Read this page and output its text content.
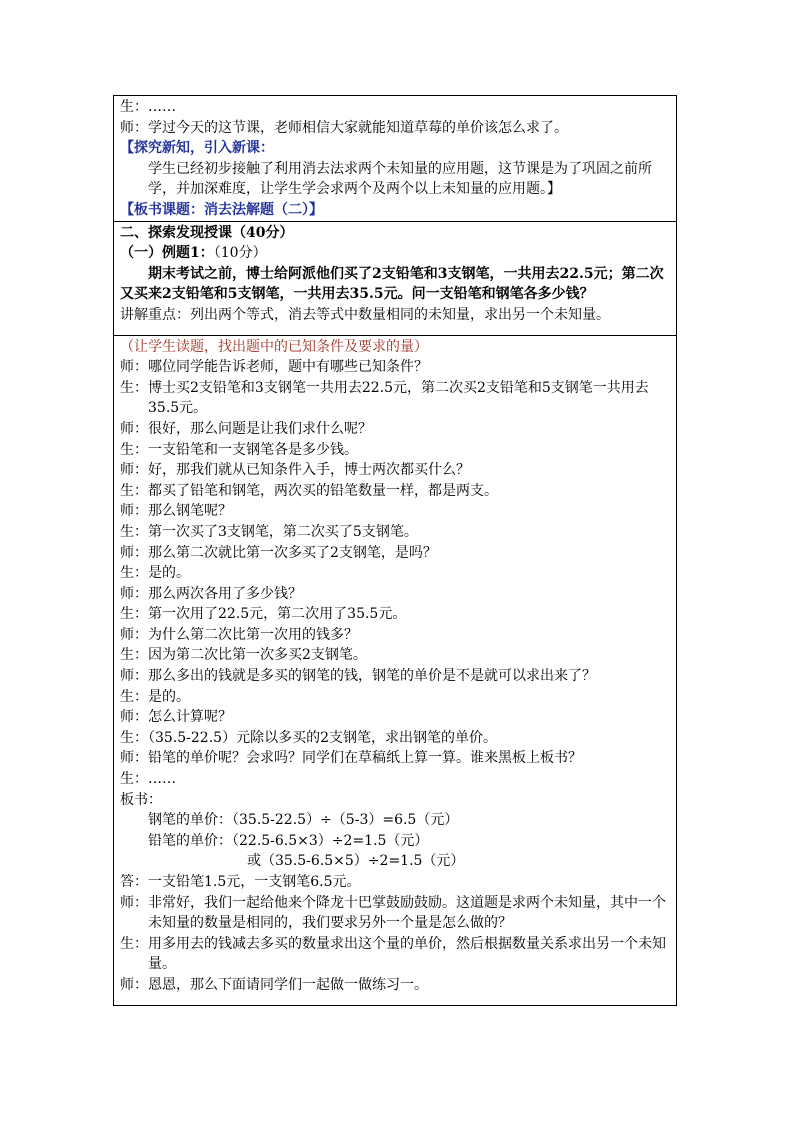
生：……
师：学过今天的这节课，老师相信大家就能知道草莓的单价该怎么求了。
【探究新知，引入新课：
学生已经初步接触了利用消去法求两个未知量的应用题，这节课是为了巩固之前所学，并加深难度，让学生学会求两个及两个以上未知量的应用题。】
【板书课题：消去法解题（二）】

二、探索发现授课（40分）
（一）例题1：（10分）
期末考试之前，博士给阿派他们买了2支铅笔和3支钢笔，一共用去22.5元；第二次又买来2支铅笔和5支钢笔，一共用去35.5元。问一支铅笔和钢笔各多少钱？
讲解重点：列出两个等式，消去等式中数量相同的未知量，求出另一个未知量。

（让学生读题，找出题中的已知条件及要求的量）
师：哪位同学能告诉老师，题中有哪些已知条件？
生：博士买2支铅笔和3支钢笔一共用去22.5元，第二次买2支铅笔和5支钢笔一共用去35.5元。
师：很好，那么问题是让我们求什么呢？
生：一支铅笔和一支钢笔各是多少钱。
师：好，那我们就从已知条件入手，博士两次都买什么？
生：都买了铅笔和钢笔，两次买的铅笔数量一样，都是两支。
师：那么钢笔呢？
生：第一次买了3支钢笔，第二次买了5支钢笔。
师：那么第二次就比第一次多买了2支钢笔，是吗？
生：是的。
师：那么两次各用了多少钱？
生：第一次用了22.5元，第二次用了35.5元。
师：为什么第二次比第一次用的钱多？
生：因为第二次比第一次多买2支钢笔。
师：那么多出的钱就是多买的钢笔的钱，钢笔的单价是不是就可以求出来了？
生：是的。
师：怎么计算呢？
生：（35.5-22.5）元除以多买的2支钢笔，求出钢笔的单价。
师：铅笔的单价呢？会求吗？同学们在草稿纸上算一算。谁来黑板上板书？
生：……
板书：
钢笔的单价：（35.5-22.5）÷（5-3）=6.5（元）
铅笔的单价：（22.5-6.5×3）÷2=1.5（元）
或（35.5-6.5×5）÷2=1.5（元）
答：一支铅笔1.5元，一支钢笔6.5元。
师：非常好，我们一起给他来个降龙十巴掌鼓励鼓励。这道题是求两个未知量，其中一个未知量的数量是相同的，我们要求另外一个量是怎么做的？
生：用多用去的钱减去多买的数量求出这个量的单价，然后根据数量关系求出另一个未知量。
师：恩恩，那么下面请同学们一起做一做练习一。
